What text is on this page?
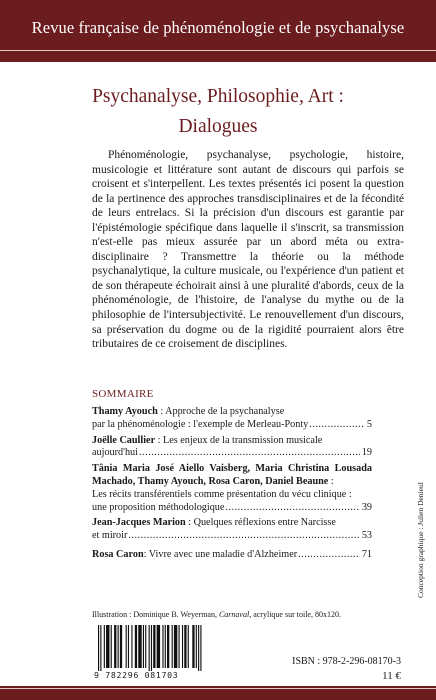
Revue française de phénoménologie et de psychanalyse
Psychanalyse, Philosophie, Art :
Dialogues

Phénoménologie, psychanalyse, psychologie, histoire, musicologie et littérature sont autant de discours qui parfois se croisent et s'interpellent. Les textes présentés ici posent la question de la pertinence des approches transdisciplinaires et de la fécondité de leurs entrelacs. Si la précision d'un discours est garantie par l'épistémologie spécifique dans laquelle il s'inscrit, sa transmission n'est-elle pas mieux assurée par un abord méta ou extra-disciplinaire ? Transmettre la théorie ou la méthode psychanalytique, la culture musicale, ou l'expérience d'un patient et de son thérapeute échoirait ainsi à une pluralité d'abords, ceux de la phénoménologie, de l'histoire, de l'analyse du mythe ou de la philosophie de l'intersubjectivité. Le renouvellement d'un discours, sa préservation du dogme ou de la rigidité pourraient alors être tributaires de ce croisement de disciplines.

SOMMAIRE
Thamy Ayouch : Approche de la psychanalyse
par la phénoménologie : l'exemple de Merleau-Ponty .....	5
Joëlle Caullier : Les enjeux de la transmission musicale
aujourd'hui .....	19
Tânia Maria José Aiello Vaisberg, Maria Christina Lousada Machado, Thamy Ayouch, Rosa Caron, Daniel Beaune :
Les récits transférentiels comme présentation du vécu clinique :
une proposition méthodologique .....	39
Jean-Jacques Marion : Quelques réflexions entre Narcisse
et miroir .....	53
Rosa Caron : Vivre avec une maladie d'Alzheimer .....	71
Illustration : Dominique B. Weyerman, Carnaval, acrylique sur toile, 80x120.
Conception graphique : Julien Denieul
9 782296 081703
ISBN : 978-2-296-08170-3
11 €
